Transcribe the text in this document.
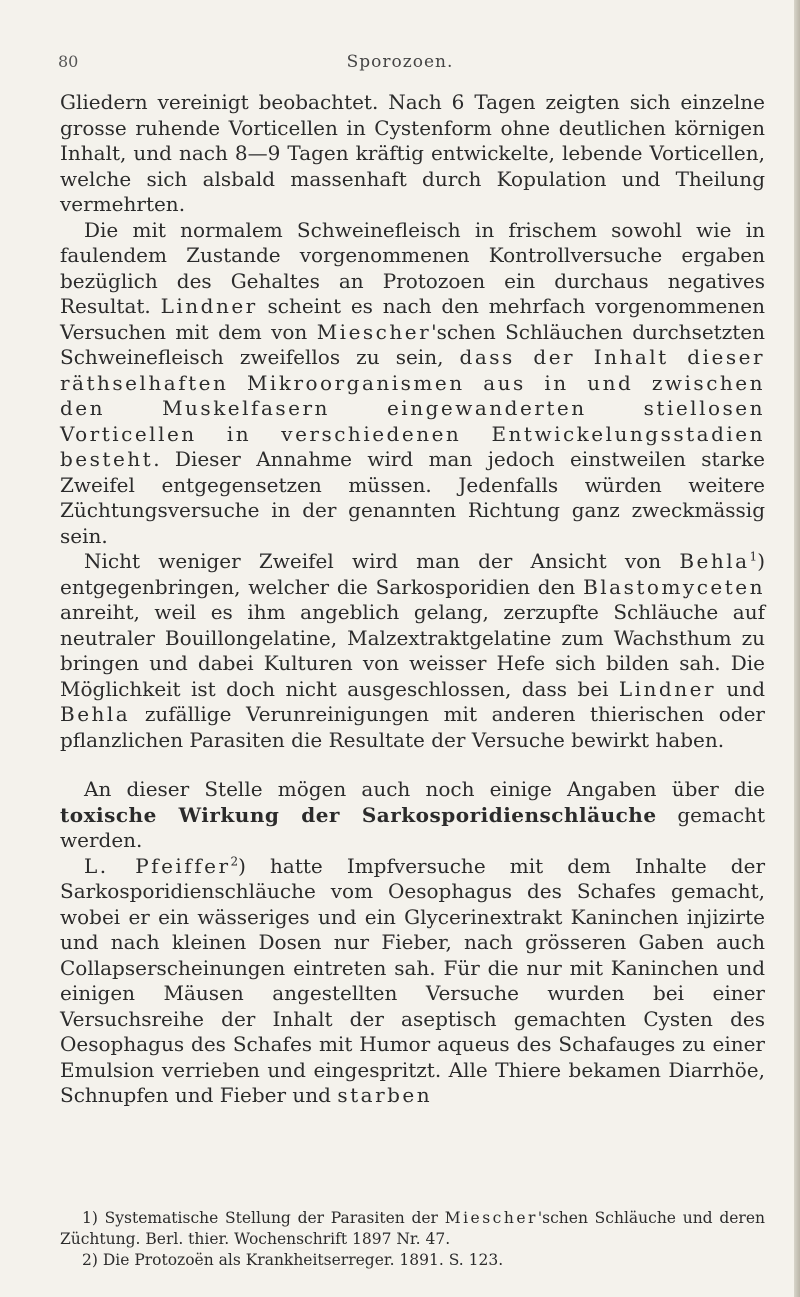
80	Sporozoen.

Gliedern vereinigt beobachtet. Nach 6 Tagen zeigten sich einzelne grosse ruhende Vorticellen in Cystenform ohne deutlichen körnigen Inhalt, und nach 8—9 Tagen kräftig entwickelte, lebende Vorticellen, welche sich alsbald massenhaft durch Kopulation und Theilung vermehrten.

Die mit normalem Schweinefleisch in frischem sowohl wie in faulendem Zustande vorgenommenen Kontrollversuche ergaben bezüglich des Gehaltes an Protozoen ein durchaus negatives Resultat. Lindner scheint es nach den mehrfach vorgenommenen Versuchen mit dem von Miescher'schen Schläuchen durchsetzten Schweinefleisch zweifellos zu sein, dass der Inhalt dieser räthselhaften Mikroorganismen aus in und zwischen den Muskelfasern eingewanderten stiellosen Vorticellen in verschiedenen Entwickelungsstadien besteht. Dieser Annahme wird man jedoch einstweilen starke Zweifel entgegensetzen müssen. Jedenfalls würden weitere Züchtungsversuche in der genannten Richtung ganz zweckmässig sein.

Nicht weniger Zweifel wird man der Ansicht von Behla$^1$) entgegenbringen, welcher die Sarkosporidien den Blastomyceten anreiht, weil es ihm angeblich gelang, zerzupfte Schläuche auf neutraler Bouillongelatine, Malzextraktgelatine zum Wachsthum zu bringen und dabei Kulturen von weisser Hefe sich bilden sah. Die Möglichkeit ist doch nicht ausgeschlossen, dass bei Lindner und Behla zufällige Verunreinigungen mit anderen thierischen oder pflanzlichen Parasiten die Resultate der Versuche bewirkt haben.

An dieser Stelle mögen auch noch einige Angaben über die toxische Wirkung der Sarkosporidienschläuche gemacht werden.

L. Pfeiffer$^2$) hatte Impfversuche mit dem Inhalte der Sarkosporidienschläuche vom Oesophagus des Schafes gemacht, wobei er ein wässeriges und ein Glycerinextrakt Kaninchen injizirte und nach kleinen Dosen nur Fieber, nach grösseren Gaben auch Collapserscheinungen eintreten sah. Für die nur mit Kaninchen und einigen Mäusen angestellten Versuche wurden bei einer Versuchsreihe der Inhalt der aseptisch gemachten Cysten des Oesophagus des Schafes mit Humor aqueus des Schafauges zu einer Emulsion verrieben und eingespritzt. Alle Thiere bekamen Diarrhöe, Schnupfen und Fieber und starben

1) Systematische Stellung der Parasiten der Miescher'schen Schläuche und deren Züchtung. Berl. thier. Wochenschrift 1897 Nr. 47.

2) Die Protozoën als Krankheitserreger. 1891. S. 123.
